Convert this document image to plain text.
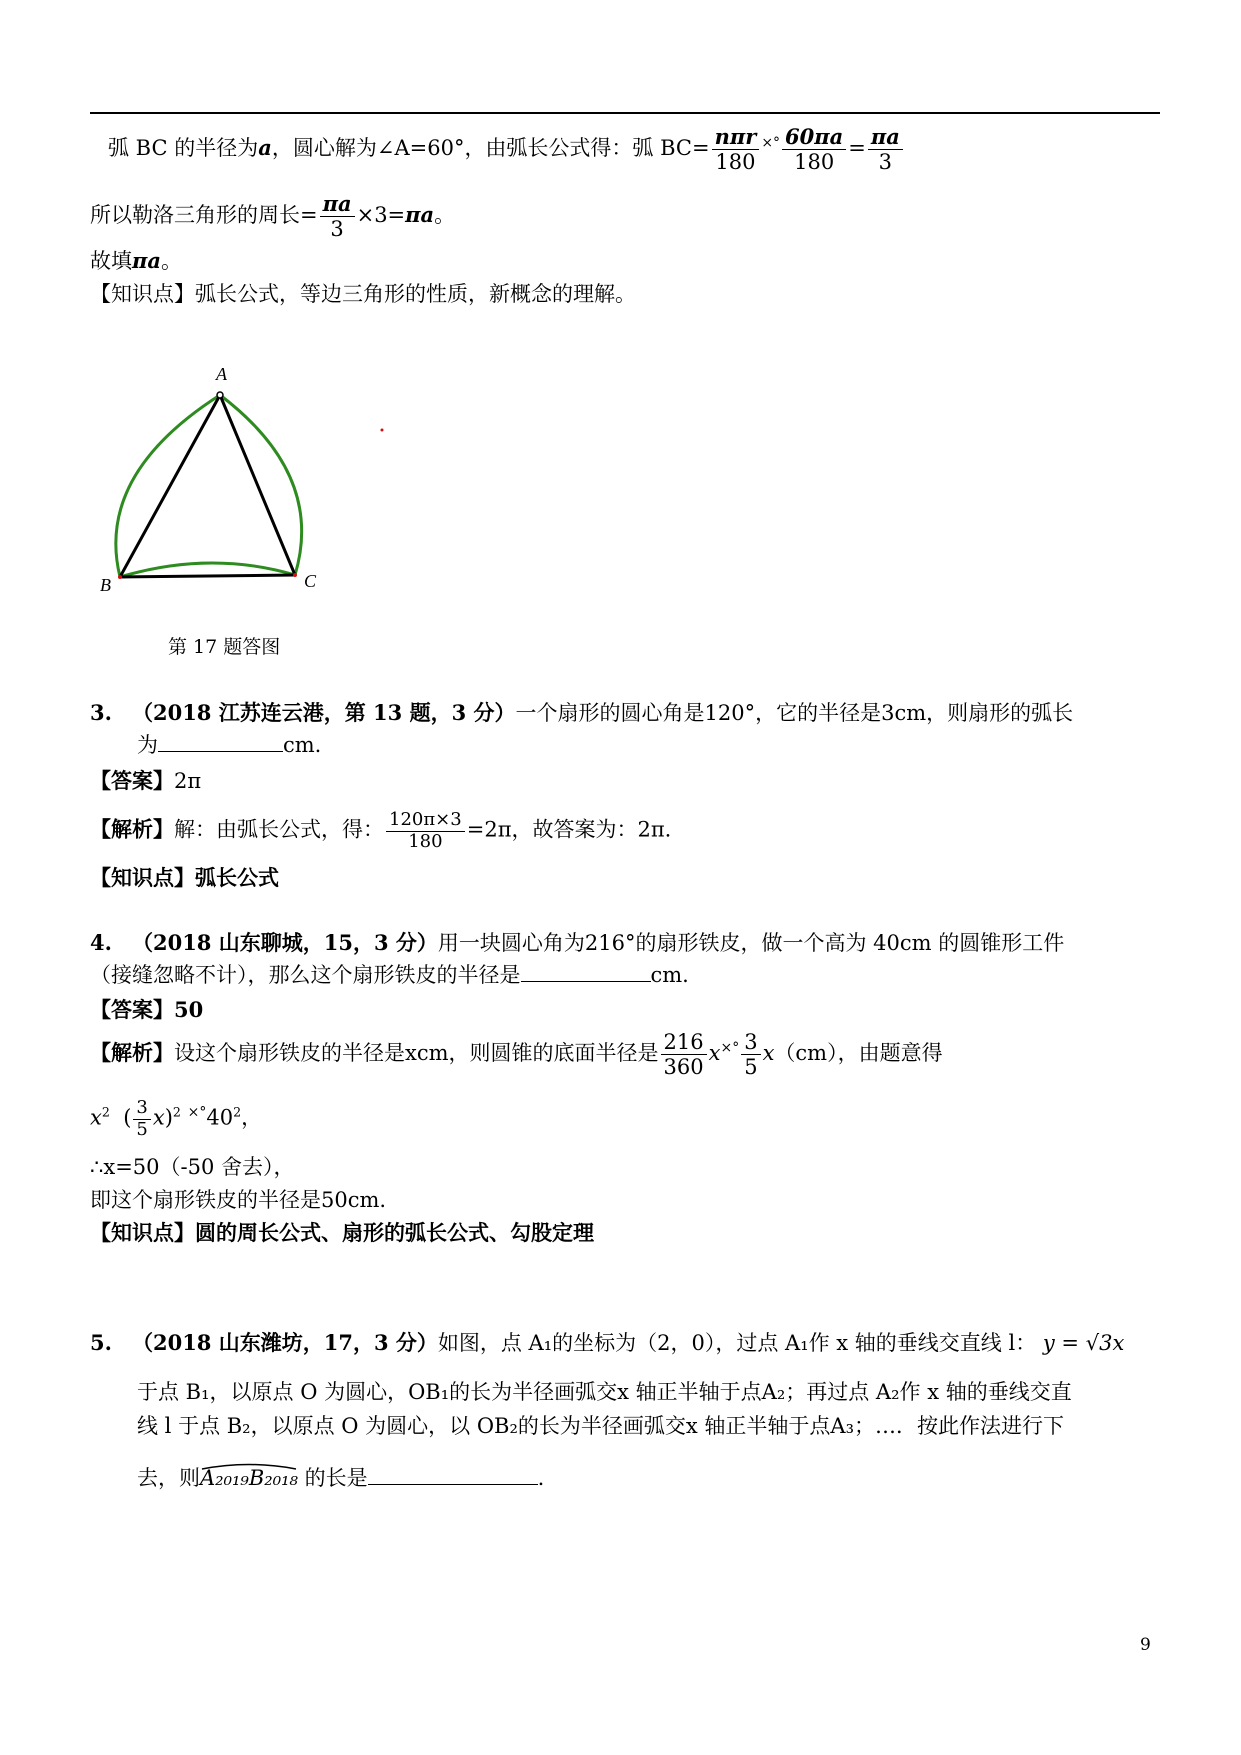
弧 BC 的半径为a，圆心解为∠A=60°，由弧长公式得：弧 $BC= \frac{\text{nπr}}{180} ^{\times^\circ} \frac{60\pi a}{180} = \frac{\pi a}{3}$
所以勒洛三角形的周长= $\frac{\pi a}{3} \times 3=\pi a$。
故填πa。
【知识点】弧长公式，等边三角形的性质，新概念的理解。
A
B	C
第 17 题答图
3. （2018 江苏连云港，第 13 题，3 分）一个扇形的圆心角是120°，它的半径是3cm，则扇形的弧长
为	cm.
【答案】2π
【解析】解：由弧长公式，得： $\frac{120\pi\times 3}{180} =2\pi$，故答案为：2π.
【知识点】弧长公式
4. （2018 山东聊城，15，3 分）用一块圆心角为216°的扇形铁皮，做一个高为 40cm 的圆锥形工件
（接缝忽略不计），那么这个扇形铁皮的半径是	cm.
【答案】50
【解析】设这个扇形铁皮的半径是xcm，则圆锥的底面半径是 $\frac{216}{360} x^{\times^\circ} \frac{3}{5} x(cm)$，由题意得
$x^2$  ( $\frac{3}{5} x)^2$ $^{\times^\circ}40^2$，
∴x=50（-50 舍去），
即这个扇形铁皮的半径是50cm.
【知识点】圆的周长公式、扇形的弧长公式、勾股定理
5. （2018 山东潍坊，17，3 分）如图，点 A₁的坐标为（2，0），过点 A₁作 x 轴的垂线交直线 l： y = √3x
于点 B₁，以原点 O 为圆心，OB₁的长为半径画弧交x 轴正半轴于点A₂；再过点 A₂作 x 轴的垂线交直
线 l 于点 B₂，以原点 O 为圆心，以 OB₂的长为半径画弧交x 轴正半轴于点A₃；…．按此作法进行下
去，则
A₂₀₁₉B₂₀₁₈ 的长是	.
9
